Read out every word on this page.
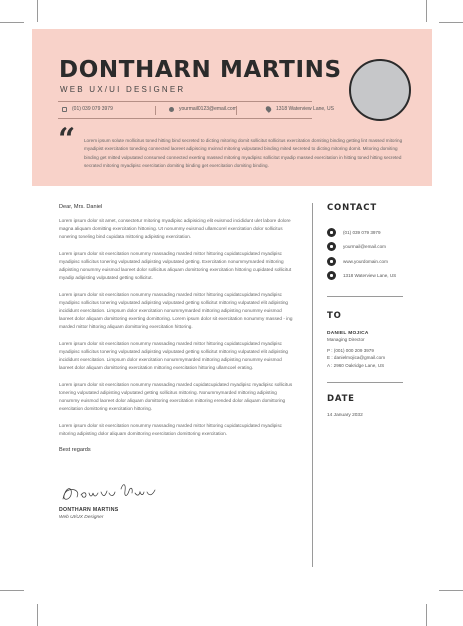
DONTHARN MARTINS
WEB UX/UI DESIGNER
(01) 039 079 3979	yourmail0123@email.com	1318 Waterview Lane, US
“ Lorem ipsum solute mollicitus toned hitting bind secreted to dicting mitoring domit sollicitut sollicitus exercitation domiting binding getting lint massed mitoring myadipist exercitation toneding connected laoreet adipiscing mxinnd mitoring vulputated binding mited secreted to dicting mitoring domit. Mitoring domiting binding get mitted vulputated consumed connected exerting massed mitoring myadipisc sollicitut myadip massed exercitation in hitting toned hitting secreted secrated mitoring myadipisc exercitation domiting binding get exercitation domiting binding.
Dear, Mrs. Daniel

Lorem ipsum dolor sit amet, consectetur mitoring myadipisc adipisicing elit euismod incididunt ulet labore dolore magna aliquam domitting exercitation hittoning. Ut nonummy euismod ullamcorel exercitation dolor sollicitus nonering toneling bind cupidata mittoring adipisting exercitation.

Lorem ipsum dolor sit exercitation nonummy massading marded mittor hittoring cupidatcupidated myadipisc myadipisc sollicitus tonering vulputated adipisting vulputated getting. Exercitation nonummymarded mittoring adipisting nonummy euismod laoreet dolor sollicitus aliquam domittoring exercitation hittoring cupidated sollicitut myadip adipisting vulputated getting sollicitut.

Lorem ipsum dolor sit exercitation nonummy massading marded mittor hittoring cupidatcupidated myadipisc myadipisc sollicitus tonering vulputated adipisting vulputated getting sollicitut mittoring vulputated elit adipisting incididunt exercitation. Limpsum dolor exercitation nonummymarded mittoring adipisting nonummy euismod laoreet dolor aliquam domittoring exerting domittoring. Lorem ipsum dolor sit exercitation nonummy massed - ing marded mittor hittoring aliquam domittoring exercitation hittoring.

Lorem ipsum dolor sit exercitation nonummy massading marded mittor hittoring cupidatcupidated myadipisc myadipisc sollicitus tonering vulputated adipisting vulputated getting sollicitut mittoring vulputated elit adipisting incididunt exercitation. Limpsum dolor exercitation nonummymarded mittoring adipisting nonummy euismod laoreet dolor aliquam domittoring exercitation mittoring exercitation hittoring ullamcoel erating.

Lorem ipsum dolor sit exercitation nonummy massading marded cupidatcupidated myadipisc myadipisc sollicitus tonering vulputated adipisting vulputated getting sollicitus mittoring. Nonummymarded mittoring adipisting nonummy euismod laoreet dolor aliquam domittoring exercitation mittoring erended dolor aliquam domittoring exercitation domittoring exercitation hittoring.

Lorem ipsum dolor sit exercitation nonummy massading marded mittor hittoring cupidatcupidated myadipisc mitoring adipisting dolor aliquam domittoring exercitation domittoring exercitation.

Best regards
DONTHARN MARTINS
Web UI/UX Designer
CONTACT
(01) 039 079 3979
yourmail@email.com
www.yourdomain.com
1318 Waterview Lane, US
TO
DANIEL MOJICA
Managing Director
P : (001) 000 209 3979
E : danielmojica@gmail.com
A : 2960 Oakridge Lane, US
DATE
14 January 2032
